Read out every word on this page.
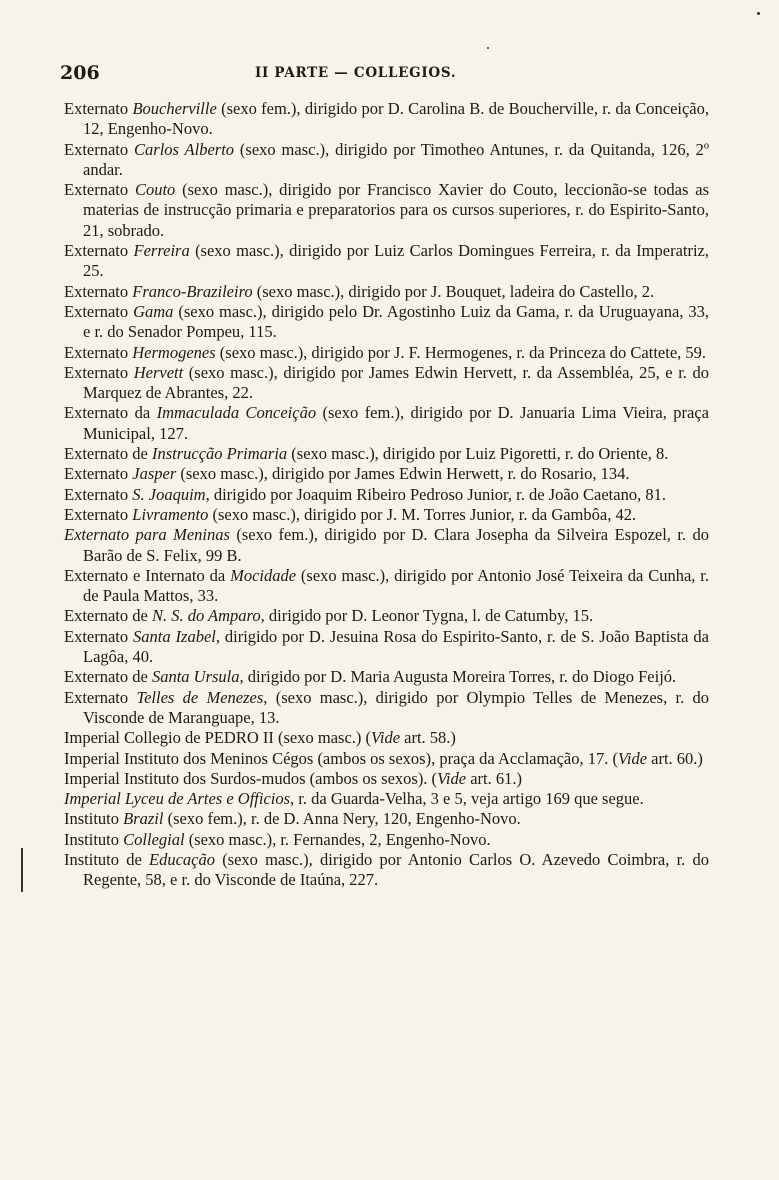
206	II PARTE — COLLEGIOS.
Externato Boucherville (sexo fem.), dirigido por D. Carolina B. de Boucherville, r. da Conceição, 12, Engenho-Novo.
Externato Carlos Alberto (sexo masc.), dirigido por Timotheo Antunes, r. da Quitanda, 126, 2º andar.
Externato Couto (sexo masc.), dirigido por Francisco Xavier do Couto, leccionão-se todas as materias de instrucção primaria e preparatorios para os cursos superiores, r. do Espirito-Santo, 21, sobrado.
Externato Ferreira (sexo masc.), dirigido por Luiz Carlos Domingues Ferreira, r. da Imperatriz, 25.
Externato Franco-Brazileiro (sexo masc.), dirigido por J. Bouquet, ladeira do Castello, 2.
Externato Gama (sexo masc.), dirigido pelo Dr. Agostinho Luiz da Gama, r. da Uruguayana, 33, e r. do Senador Pompeu, 115.
Externato Hermogenes (sexo masc.), dirigido por J. F. Hermogenes, r. da Princeza do Cattete, 59.
Externato Hervett (sexo masc.), dirigido por James Edwin Hervett, r. da Assembléa, 25, e r. do Marquez de Abrantes, 22.
Externato da Immaculada Conceição (sexo fem.), dirigido por D. Januaria Lima Vieira, praça Municipal, 127.
Externato de Instrucção Primaria (sexo masc.), dirigido por Luiz Pigoretti, r. do Oriente, 8.
Externato Jasper (sexo masc.), dirigido por James Edwin Herwett, r. do Rosario, 134.
Externato S. Joaquim, dirigido por Joaquim Ribeiro Pedroso Junior, r. de João Caetano, 81.
Externato Livramento (sexo masc.), dirigido por J. M. Torres Junior, r. da Gambôa, 42.
Externato para Meninas (sexo fem.), dirigido por D. Clara Josepha da Silveira Espozel, r. do Barão de S. Felix, 99 B.
Externato e Internato da Mocidade (sexo masc.), dirigido por Antonio José Teixeira da Cunha, r. de Paula Mattos, 33.
Externato de N. S. do Amparo, dirigido por D. Leonor Tygna, l. de Catumby, 15.
Externato Santa Izabel, dirigido por D. Jesuina Rosa do Espirito-Santo, r. de S. João Baptista da Lagôa, 40.
Externato de Santa Ursula, dirigido por D. Maria Augusta Moreira Torres, r. do Diogo Feijó.
Externato Telles de Menezes, (sexo masc.), dirigido por Olympio Telles de Menezes, r. do Visconde de Maranguape, 13.
Imperial Collegio de PEDRO II (sexo masc.) (Vide art. 58.)
Imperial Instituto dos Meninos Cégos (ambos os sexos), praça da Acclamação, 17. (Vide art. 60.)
Imperial Instituto dos Surdos-mudos (ambos os sexos). (Vide art. 61.)
Imperial Lyceu de Artes e Officios, r. da Guarda-Velha, 3 e 5, veja artigo 169 que segue.
Instituto Brazil (sexo fem.), r. de D. Anna Nery, 120, Engenho-Novo.
Instituto Collegial (sexo masc.), r. Fernandes, 2, Engenho-Novo.
Instituto de Educação (sexo masc.), dirigido por Antonio Carlos O. Azevedo Coimbra, r. do Regente, 58, e r. do Visconde de Itaúna, 227.
